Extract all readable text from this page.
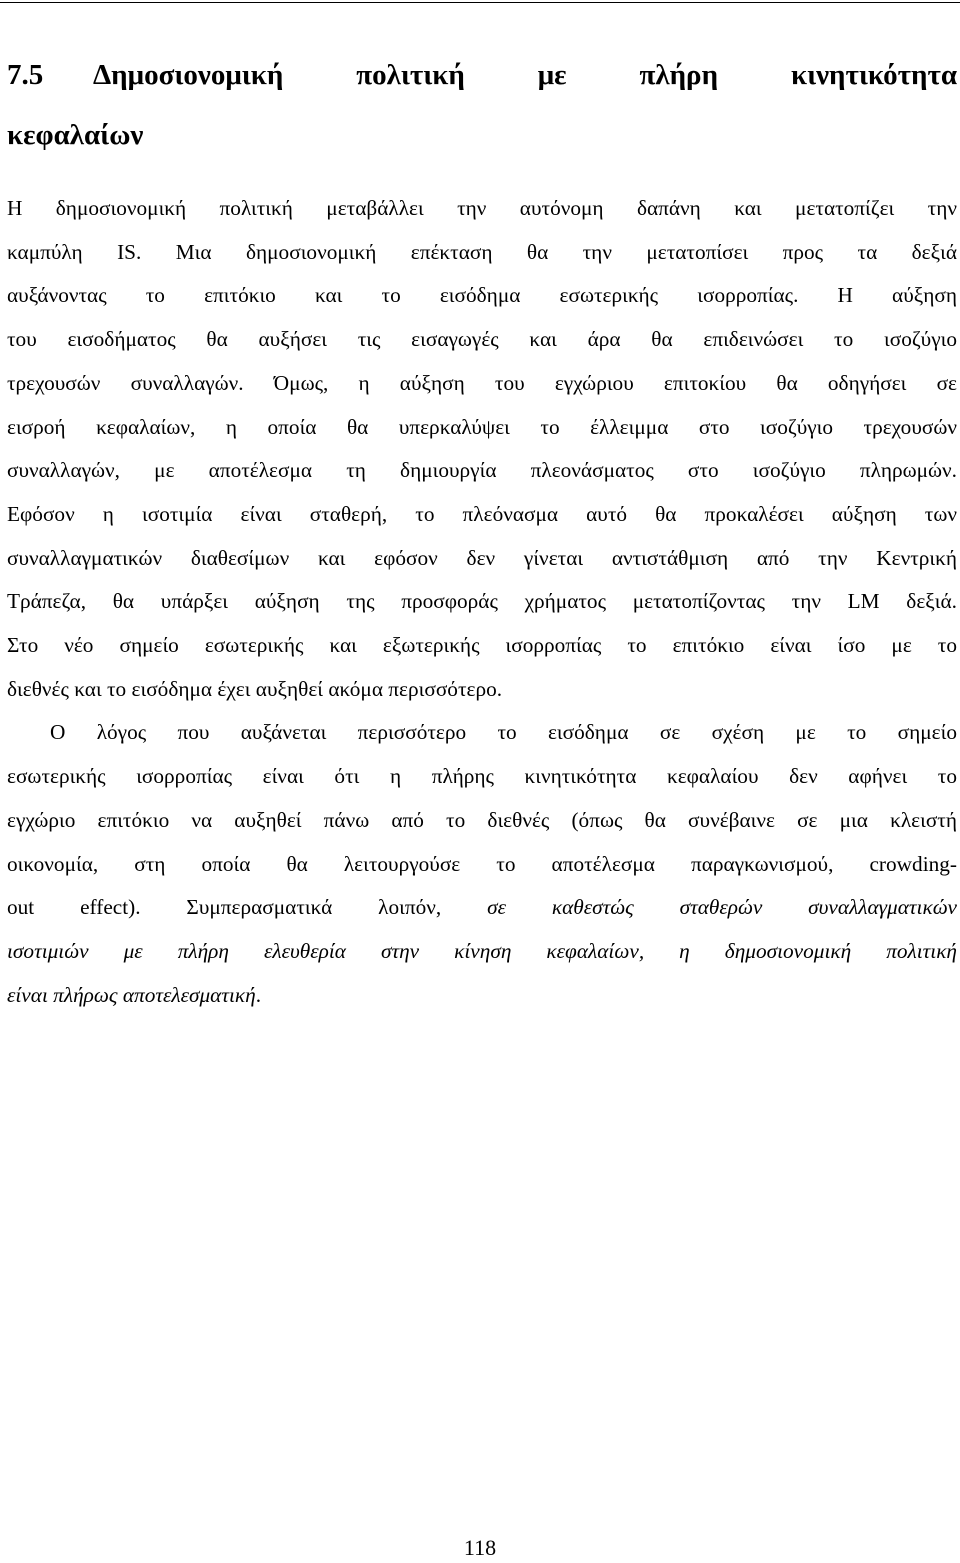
7.5 Δημοσιονομική πολιτική με πλήρη κινητικότητα
κεφαλαίων

Η δημοσιονομική πολιτική μεταβάλλει την αυτόνομη δαπάνη και μετατοπίζει την
καμπύλη IS. Μια δημοσιονομική επέκταση θα την μετατοπίσει προς τα δεξιά
αυξάνοντας το επιτόκιο και το εισόδημα εσωτερικής ισορροπίας. Η αύξηση
του εισοδήματος θα αυξήσει τις εισαγωγές και άρα θα επιδεινώσει το ισοζύγιο
τρεχουσών συναλλαγών. Όμως, η αύξηση του εγχώριου επιτοκίου θα οδηγήσει σε
εισροή κεφαλαίων, η οποία θα υπερκαλύψει το έλλειμμα στο ισοζύγιο τρεχουσών
συναλλαγών, με αποτέλεσμα τη δημιουργία πλεονάσματος στο ισοζύγιο πληρωμών.
Εφόσον η ισοτιμία είναι σταθερή, το πλεόνασμα αυτό θα προκαλέσει αύξηση των
συναλλαγματικών διαθεσίμων και εφόσον δεν γίνεται αντιστάθμιση από την Κεντρική
Τράπεζα, θα υπάρξει αύξηση της προσφοράς χρήματος μετατοπίζοντας την LM δεξιά.
Στο νέο σημείο εσωτερικής και εξωτερικής ισορροπίας το επιτόκιο είναι ίσο με το
διεθνές και το εισόδημα έχει αυξηθεί ακόμα περισσότερο.

Ο λόγος που αυξάνεται περισσότερο το εισόδημα σε σχέση με το σημείο
εσωτερικής ισορροπίας είναι ότι η πλήρης κινητικότητα κεφαλαίου δεν αφήνει το
εγχώριο επιτόκιο να αυξηθεί πάνω από το διεθνές (όπως θα συνέβαινε σε μια κλειστή
οικονομία, στη οποία θα λειτουργούσε το αποτέλεσμα παραγκωνισμού, crowding-
out effect). Συμπερασματικά λοιπόν, σε καθεστώς σταθερών συναλλαγματικών
ισοτιμιών με πλήρη ελευθερία στην κίνηση κεφαλαίων, η δημοσιονομική πολιτική
είναι πλήρως αποτελεσματική.

118
